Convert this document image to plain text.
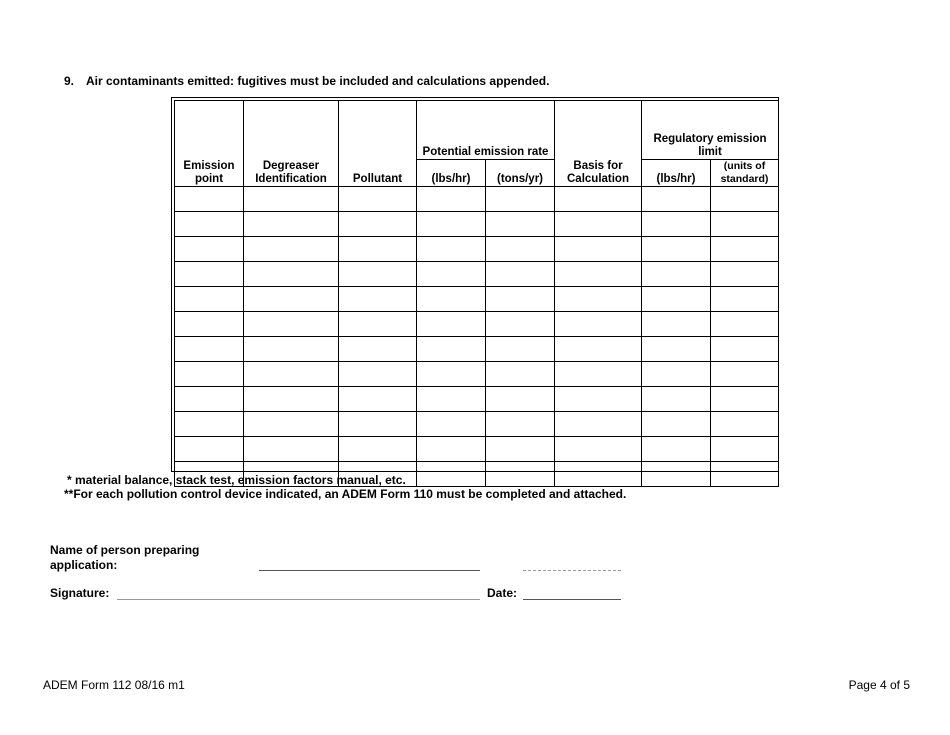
9. Air contaminants emitted: fugitives must be included and calculations appended.
Emission point	Degreaser Identification	Pollutant	Potential emission rate		Basis for Calculation	Regulatory emission limit	

			(lbs/hr)	(tons/yr)		(lbs/hr)	(units of standard)

* material balance, stack test, emission factors manual, etc.
**For each pollution control device indicated, an ADEM Form 110 must be completed and attached.
Name of person preparing application:
Signature:	Date:
ADEM Form 112 08/16 m1	Page 4 of 5
